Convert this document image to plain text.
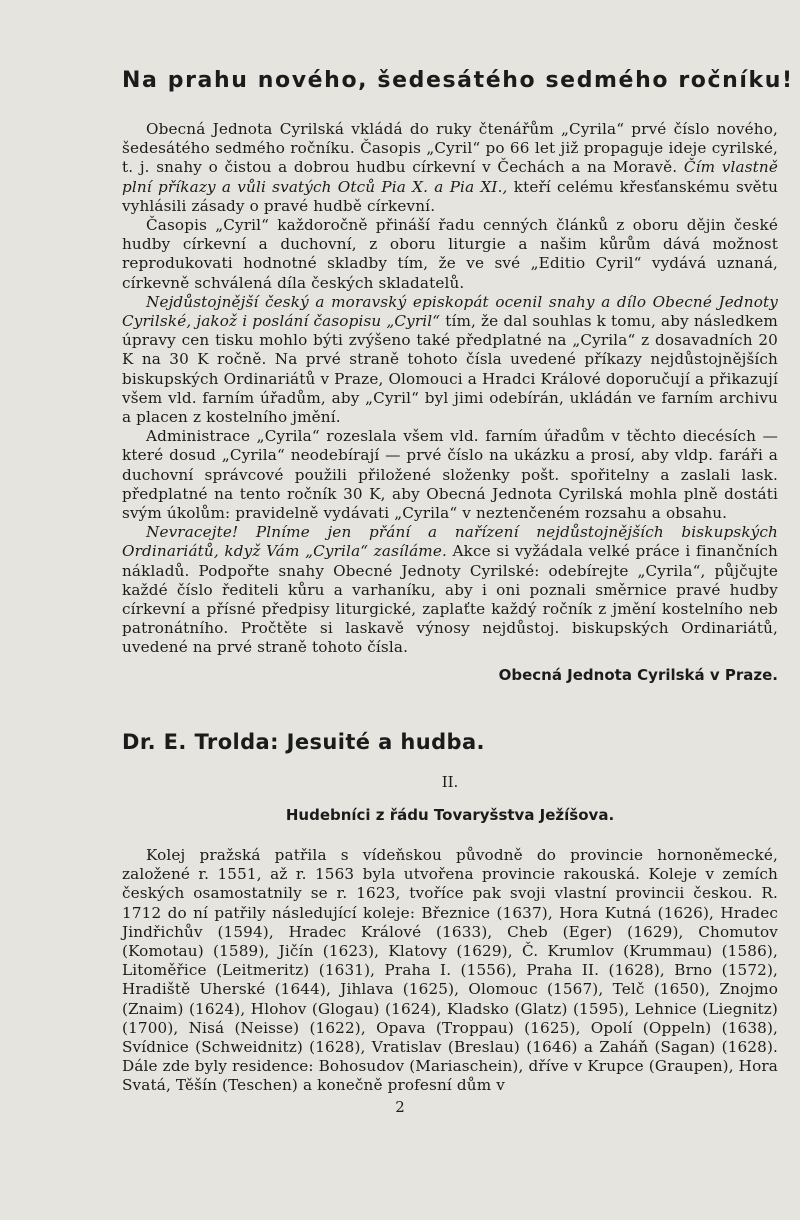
Na prahu nového, šedesátého sedmého ročníku!

Obecná Jednota Cyrilská vkládá do ruky čtenářům „Cyrila“ prvé číslo nového, šedesátého sedmého ročníku. Časopis „Cyril“ po 66 let již propaguje ideje cyrilské, t. j. snahy o čistou a dobrou hudbu církevní v Čechách a na Moravě. Čím vlastně plní příkazy a vůli svatých Otců Pia X. a Pia XI., kteří celému křesťanskému světu vyhlásili zásady o pravé hudbě církevní.

Časopis „Cyril“ každoročně přináší řadu cenných článků z oboru dějin české hudby církevní a duchovní, z oboru liturgie a našim kůrům dává možnost reprodukovati hodnotné skladby tím, že ve své „Editio Cyril“ vydává uznaná, církevně schválená díla českých skladatelů.

Nejdůstojnější český a moravský episkopát ocenil snahy a dílo Obecné Jednoty Cyrilské, jakož i poslání časopisu „Cyril“ tím, že dal souhlas k tomu, aby následkem úpravy cen tisku mohlo býti zvýšeno také předplatné na „Cyrila“ z dosavadních 20 K na 30 K ročně. Na prvé straně tohoto čísla uvedené příkazy nejdůstojnějších biskupských Ordinariátů v Praze, Olomouci a Hradci Králové doporučují a přikazují všem vld. farním úřadům, aby „Cyril“ byl jimi odebírán, ukládán ve farním archivu a placen z kostelního jmění.

Administrace „Cyrila“ rozeslala všem vld. farním úřadům v těchto diecésích — které dosud „Cyrila“ neodebírají — prvé číslo na ukázku a prosí, aby vldp. faráři a duchovní správcové použili přiložené složenky pošt. spořitelny a zaslali lask. předplatné na tento ročník 30 K, aby Obecná Jednota Cyrilská mohla plně dostáti svým úkolům: pravidelně vydávati „Cyrila“ v neztenčeném rozsahu a obsahu.

Nevracejte! Plníme jen přání a nařízení nejdůstojnějších biskupských Ordinariátů, když Vám „Cyrila“ zasíláme. Akce si vyžádala velké práce i finančních nákladů. Podpořte snahy Obecné Jednoty Cyrilské: odebírejte „Cyrila“, půjčujte každé číslo řediteli kůru a varhaníku, aby i oni poznali směrnice pravé hudby církevní a přísné předpisy liturgické, zaplaťte každý ročník z jmění kostelního neb patronátního. Pročtěte si laskavě výnosy nejdůstoj. biskupských Ordinariátů, uvedené na prvé straně tohoto čísla.

Obecná Jednota Cyrilská v Praze.

Dr. E. Trolda: Jesuité a hudba.

II.

Hudebníci z řádu Tovaryšstva Ježíšova.

Kolej pražská patřila s vídeňskou původně do provincie hornoněmecké, založené r. 1551, až r. 1563 byla utvořena provincie rakouská. Koleje v zemích českých osamostatnily se r. 1623, tvoříce pak svoji vlastní provincii českou. R. 1712 do ní patřily následující koleje: Březnice (1637), Hora Kutná (1626), Hradec Jindřichův (1594), Hradec Králové (1633), Cheb (Eger) (1629), Chomutov (Komotau) (1589), Jičín (1623), Klatovy (1629), Č. Krumlov (Krummau) (1586), Litoměřice (Leitmeritz) (1631), Praha I. (1556), Praha II. (1628), Brno (1572), Hradiště Uherské (1644), Jihlava (1625), Olomouc (1567), Telč (1650), Znojmo (Znaim) (1624), Hlohov (Glogau) (1624), Kladsko (Glatz) (1595), Lehnice (Liegnitz) (1700), Nisá (Neisse) (1622), Opava (Troppau) (1625), Opolí (Oppeln) (1638), Svídnice (Schweidnitz) (1628), Vratislav (Breslau) (1646) a Zaháň (Sagan) (1628). Dále zde byly residence: Bohosudov (Mariaschein), dříve v Krupce (Graupen), Hora Svatá, Těšín (Teschen) a konečně profesní dům v

2
